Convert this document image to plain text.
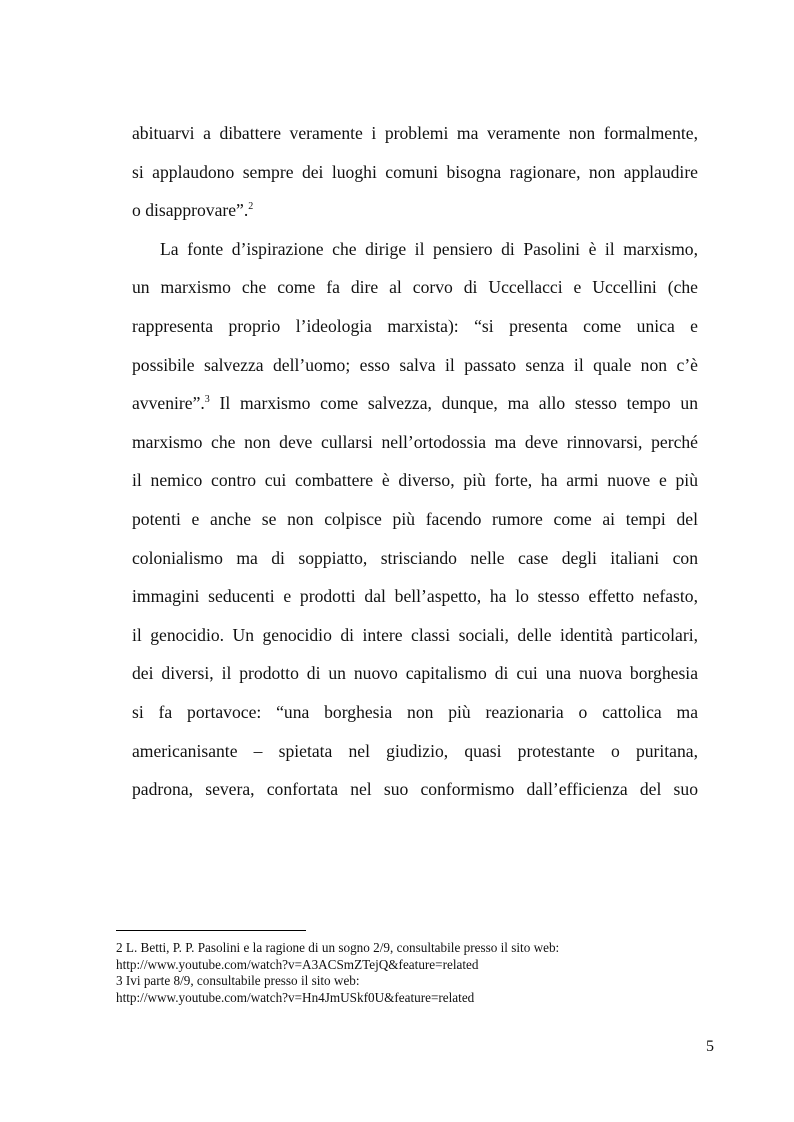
abituarvi a dibattere veramente i problemi ma veramente non formalmente,
si applaudono sempre dei luoghi comuni bisogna ragionare, non applaudire
o disapprovare”.$^2$
La fonte d’ispirazione che dirige il pensiero di Pasolini è il marxismo,
un marxismo che come fa dire al corvo di Uccellacci e Uccellini (che
rappresenta proprio l’ideologia marxista): “si presenta come unica e
possibile salvezza dell’uomo; esso salva il passato senza il quale non c’è
avvenire”.$^3$ Il marxismo come salvezza, dunque, ma allo stesso tempo un
marxismo che non deve cullarsi nell’ortodossia ma deve rinnovarsi, perché
il nemico contro cui combattere è diverso, più forte, ha armi nuove e più
potenti e anche se non colpisce più facendo rumore come ai tempi del
colonialismo ma di soppiatto, strisciando nelle case degli italiani con
immagini seducenti e prodotti dal bell’aspetto, ha lo stesso effetto nefasto,
il genocidio. Un genocidio di intere classi sociali, delle identità particolari,
dei diversi, il prodotto di un nuovo capitalismo di cui una nuova borghesia
si fa portavoce: “una borghesia non più reazionaria o cattolica ma
americanisante – spietata nel giudizio, quasi protestante o puritana,
padrona, severa, confortata nel suo conformismo dall’efficienza del suo
2 L. Betti, P. P. Pasolini e la ragione di un sogno 2/9, consultabile presso il sito web:
http://www.youtube.com/watch?v=A3ACSmZTejQ&feature=related
3 Ivi parte 8/9, consultabile presso il sito web:
http://www.youtube.com/watch?v=Hn4JmUSkf0U&feature=related
5
